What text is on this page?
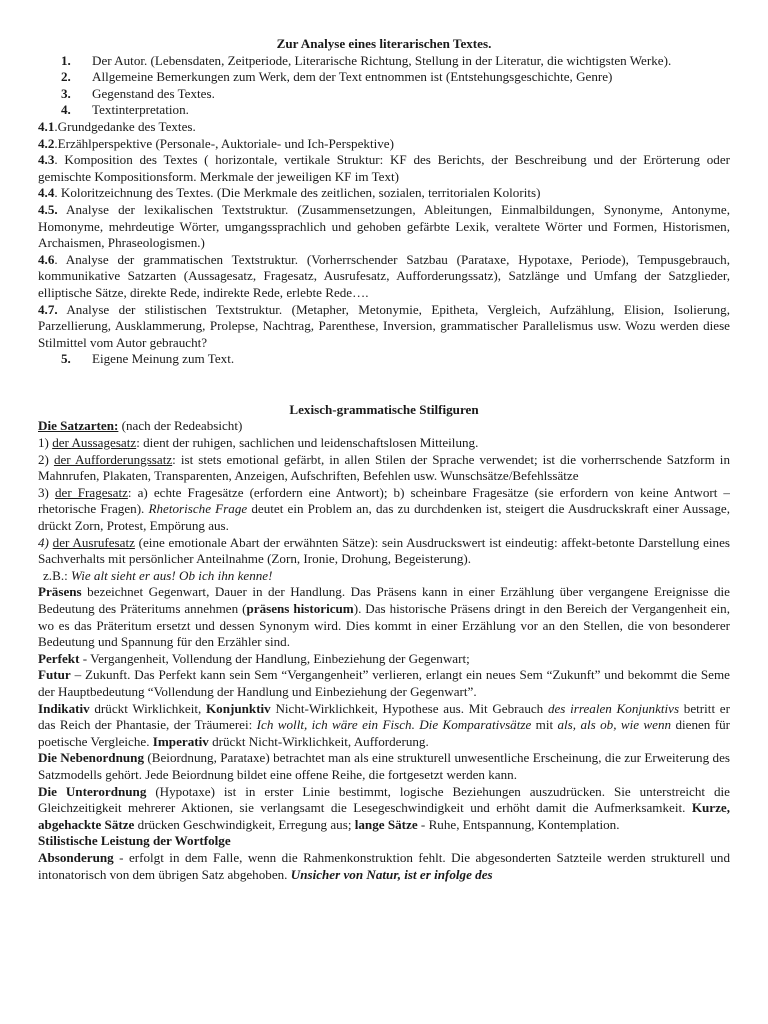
Zur Analyse eines literarischen Textes.

1.	Der Autor. (Lebensdaten, Zeitperiode, Literarische Richtung, Stellung in der Literatur, die wichtigsten Werke).
2.	Allgemeine Bemerkungen zum Werk, dem der Text entnommen ist (Entstehungsgeschichte, Genre)
3.	Gegenstand des Textes.
4.	Textinterpretation.

4.1.Grundgedanke des Textes.

4.2.Erzählperspektive (Personale-, Auktoriale- und Ich-Perspektive)

4.3. Komposition des Textes ( horizontale, vertikale Struktur: KF des Berichts, der Beschreibung und der Erörterung oder gemischte Kompositionsform. Merkmale der jeweiligen KF im Text)

4.4. Koloritzeichnung des Textes. (Die Merkmale des zeitlichen, sozialen, territorialen Kolorits)

4.5. Analyse der lexikalischen Textstruktur. (Zusammensetzungen, Ableitungen, Einmalbildungen, Synonyme, Antonyme, Homonyme, mehrdeutige Wörter, umgangssprachlich und gehoben gefärbte Lexik, veraltete Wörter und Formen, Historismen, Archaismen, Phraseologismen.)

4.6. Analyse der grammatischen Textstruktur. (Vorherrschender Satzbau (Parataxe, Hypotaxe, Periode), Tempusgebrauch, kommunikative Satzarten (Aussagesatz, Fragesatz, Ausrufesatz, Aufforderungssatz), Satzlänge und Umfang der Satzglieder, elliptische Sätze, direkte Rede, indirekte Rede, erlebte Rede….

4.7. Analyse der stilistischen Textstruktur. (Metapher, Metonymie, Epitheta, Vergleich, Aufzählung, Elision, Isolierung, Parzellierung, Ausklammerung, Prolepse, Nachtrag, Parenthese, Inversion, grammatischer Parallelismus usw. Wozu werden diese Stilmittel vom Autor gebraucht?

5.	Eigene Meinung zum Text.

Lexisch-grammatische Stilfiguren

Die Satzarten: (nach der Redeabsicht)

1) der Aussagesatz: dient der ruhigen, sachlichen und leidenschaftslosen Mitteilung.

2) der Aufforderungssatz: ist stets emotional gefärbt, in allen Stilen der Sprache verwendet; ist die vorherrschende Satzform in Mahnrufen, Plakaten, Transparenten, Anzeigen, Aufschriften, Befehlen usw. Wunschsätze/Befehlssätze

3) der Fragesatz: a) echte Fragesätze (erfordern eine Antwort); b) scheinbare Fragesätze (sie erfordern von keine Antwort – rhetorische Fragen). Rhetorische Frage deutet ein Problem an, das zu durchdenken ist, steigert die Ausdruckskraft einer Aussage, drückt Zorn, Protest, Empörung aus.

4) der Ausrufesatz (eine emotionale Abart der erwähnten Sätze): sein Ausdruckswert ist eindeutig: affekt-betonte Darstellung eines Sachverhalts mit persönlicher Anteilnahme (Zorn, Ironie, Drohung, Begeisterung).

z.B.: Wie alt sieht er aus! Ob ich ihn kenne!

Präsens bezeichnet Gegenwart, Dauer in der Handlung. Das Präsens kann in einer Erzählung über vergangene Ereignisse die Bedeutung des Präteritums annehmen (präsens historicum). Das historische Präsens dringt in den Bereich der Vergangenheit ein, wo es das Präteritum ersetzt und dessen Synonym wird. Dies kommt in einer Erzählung vor an den Stellen, die von besonderer Bedeutung und Spannung für den Erzähler sind.

Perfekt - Vergangenheit, Vollendung der Handlung, Einbeziehung der Gegenwart;

Futur – Zukunft. Das Perfekt kann sein Sem “Vergangenheit” verlieren, erlangt ein neues Sem “Zukunft” und bekommt die Seme der Hauptbedeutung “Vollendung der Handlung und Einbeziehung der Gegenwart”.

Indikativ drückt Wirklichkeit, Konjunktiv Nicht-Wirklichkeit, Hypothese aus. Mit Gebrauch des irrealen Konjunktivs betritt er das Reich der Phantasie, der Träumerei: Ich wollt, ich wäre ein Fisch. Die Komparativsätze mit als, als ob, wie wenn dienen für poetische Vergleiche. Imperativ drückt Nicht-Wirklichkeit, Aufforderung.

Die Nebenordnung (Beiordnung, Parataxe) betrachtet man als eine strukturell unwesentliche Erscheinung, die zur Erweiterung des Satzmodells gehört. Jede Beiordnung bildet eine offene Reihe, die fortgesetzt werden kann.

Die Unterordnung (Hypotaxe) ist in erster Linie bestimmt, logische Beziehungen auszudrücken. Sie unterstreicht die Gleichzeitigkeit mehrerer Aktionen, sie verlangsamt die Lesegeschwindigkeit und erhöht damit die Aufmerksamkeit. Kurze, abgehackte Sätze drücken Geschwindigkeit, Erregung aus; lange Sätze - Ruhe, Entspannung, Kontemplation.

Stilistische Leistung der Wortfolge

Absonderung - erfolgt in dem Falle, wenn die Rahmenkonstruktion fehlt. Die abgesonderten Satzteile werden strukturell und intonatorisch von dem übrigen Satz abgehoben. Unsicher von Natur, ist er infolge des
